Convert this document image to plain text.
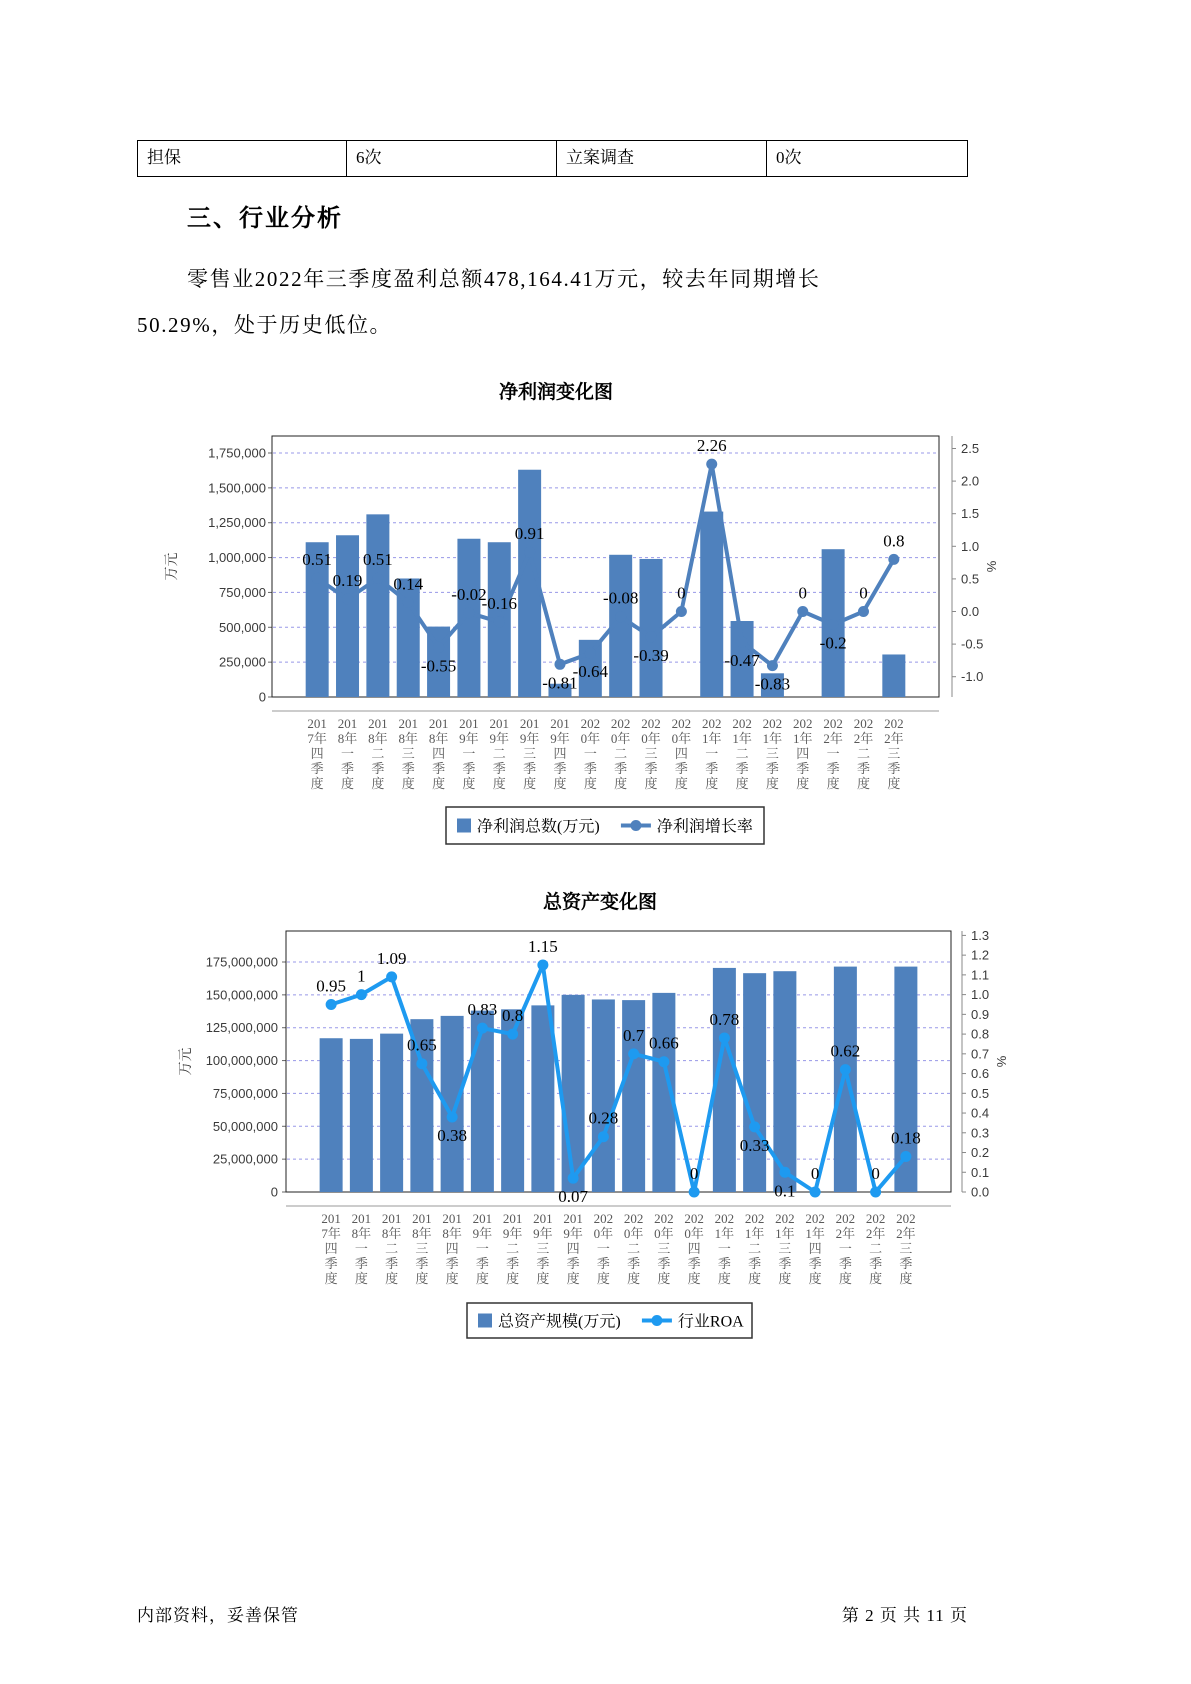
担保	6次	立案调查	0次
三、行业分析
零售业2022年三季度盈利总额478,164.41万元，较去年同期增长
50.29%，处于历史低位。
净利润变化图
0
250,000
500,000
750,000
1,000,000
1,250,000
1,500,000
1,750,000
万元
-1.0
-0.5
0.0
0.5
1.0
1.5
2.0
2.5
%
201
7年
四
季
度
201
8年
一
季
度
201
8年
二
季
度
201
8年
三
季
度
201
8年
四
季
度
201
9年
一
季
度
201
9年
二
季
度
201
9年
三
季
度
201
9年
四
季
度
202
0年
一
季
度
202
0年
二
季
度
202
0年
三
季
度
202
0年
四
季
度
202
1年
一
季
度
202
1年
二
季
度
202
1年
三
季
度
202
1年
四
季
度
202
2年
一
季
度
202
2年
二
季
度
202
2年
三
季
度
0.51
0.19
0.51
0.14
-0.55
-0.02
-0.16
0.91
-0.81
-0.64
-0.08
-0.39
0
2.26
-0.47
-0.83
0
-0.2
0
0.8
净利润总数(万元)	净利润增长率
总资产变化图
0
25,000,000
50,000,000
75,000,000
100,000,000
125,000,000
150,000,000
175,000,000
万元
0.0
0.1
0.2
0.3
0.4
0.5
0.6
0.7
0.8
0.9
1.0
1.1
1.2
1.3
%
201
7年
四
季
度
201
8年
一
季
度
201
8年
二
季
度
201
8年
三
季
度
201
8年
四
季
度
201
9年
一
季
度
201
9年
二
季
度
201
9年
三
季
度
201
9年
四
季
度
202
0年
一
季
度
202
0年
二
季
度
202
0年
三
季
度
202
0年
四
季
度
202
1年
一
季
度
202
1年
二
季
度
202
1年
三
季
度
202
1年
四
季
度
202
2年
一
季
度
202
2年
二
季
度
202
2年
三
季
度
0.95
1
1.09
0.65
0.38
0.83 0.8
1.15
0.07
0.28
0.7 0.66
0
0.78
0.33
0.1
0
0.62
0
0.18
总资产规模(万元)	行业ROA
内部资料，妥善保管	第 2 页 共 11 页
